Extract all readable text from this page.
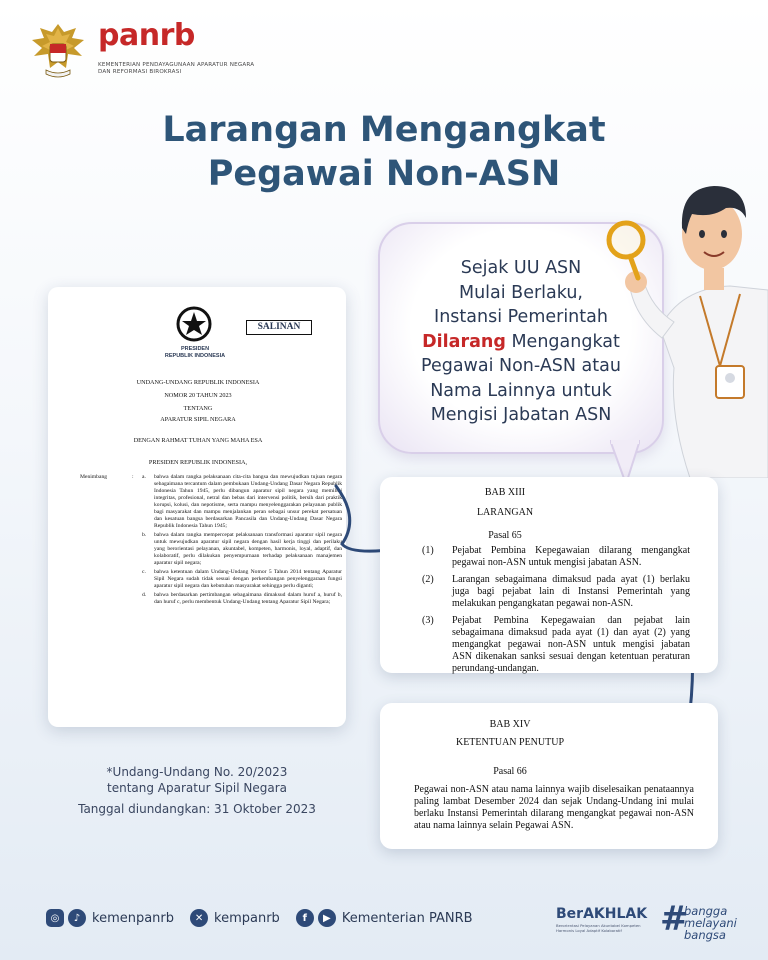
panrb
KEMENTERIAN PENDAYAGUNAAN APARATUR NEGARA DAN REFORMASI BIROKRASI
Larangan Mengangkat
Pegawai Non-ASN
Sejak UU ASN
Mulai Berlaku,
Instansi Pemerintah
Dilarang Mengangkat
Pegawai Non-ASN atau
Nama Lainnya untuk
Mengisi Jabatan ASN
PRESIDEN
REPUBLIK INDONESIA
SALINAN
UNDANG-UNDANG REPUBLIK INDONESIA
NOMOR 20 TAHUN 2023
TENTANG
APARATUR SIPIL NEGARA
DENGAN RAHMAT TUHAN YANG MAHA ESA
PRESIDEN REPUBLIK INDONESIA,
Menimbang	:	a.	bahwa dalam rangka pelaksanaan cita-cita bangsa dan mewujudkan tujuan negara sebagaimana tercantum dalam pembukaan Undang-Undang Dasar Negara Republik Indonesia Tahun 1945, perlu dibangun aparatur sipil negara yang memiliki integritas, profesional, netral dan bebas dari intervensi politik, bersih dari praktik korupsi, kolusi, dan nepotisme, serta mampu menyelenggarakan pelayanan publik bagi masyarakat dan mampu menjalankan peran sebagai unsur perekat persatuan dan kesatuan bangsa berdasarkan Pancasila dan Undang-Undang Dasar Negara Republik Indonesia Tahun 1945;
b.	bahwa dalam rangka mempercepat pelaksanaan transformasi aparatur sipil negara untuk mewujudkan aparatur sipil negara dengan hasil kerja tinggi dan perilaku yang berorientasi pelayanan, akuntabel, kompeten, harmonis, loyal, adaptif, dan kolaboratif, perlu dilakukan penyempurnaan terhadap pelaksanaan manajemen aparatur sipil negara;
c.	bahwa ketentuan dalam Undang-Undang Nomor 5 Tahun 2014 tentang Aparatur Sipil Negara sudah tidak sesuai dengan perkembangan penyelenggaraan fungsi aparatur sipil negara dan kebutuhan masyarakat sehingga perlu diganti;
d.	bahwa berdasarkan pertimbangan sebagaimana dimaksud dalam huruf a, huruf b, dan huruf c, perlu membentuk Undang-Undang tentang Aparatur Sipil Negara;
*Undang-Undang No. 20/2023
tentang Aparatur Sipil Negara
Tanggal diundangkan: 31 Oktober 2023
BAB XIII
LARANGAN
Pasal 65
(1)	Pejabat Pembina Kepegawaian dilarang mengangkat pegawai non-ASN untuk mengisi jabatan ASN.
(2)	Larangan sebagaimana dimaksud pada ayat (1) berlaku juga bagi pejabat lain di Instansi Pemerintah yang melakukan pengangkatan pegawai non-ASN.
(3)	Pejabat Pembina Kepegawaian dan pejabat lain sebagaimana dimaksud pada ayat (1) dan ayat (2) yang mengangkat pegawai non-ASN untuk mengisi jabatan ASN dikenakan sanksi sesuai dengan ketentuan peraturan perundang-undangan.
BAB XIV
KETENTUAN PENUTUP
Pasal 66
Pegawai non-ASN atau nama lainnya wajib diselesaikan penataannya paling lambat Desember 2024 dan sejak Undang-Undang ini mulai berlaku Instansi Pemerintah dilarang mengangkat pegawai non-ASN atau nama lainnya selain Pegawai ASN.
◎	♪ kemenpanrb	✕ kempanrb	f	▶ Kementerian PANRB	BerAKHLAK
Berorientasi Pelayanan Akuntabel Kompeten Harmonis Loyal Adaptif Kolaboratif	#
bangga
melayani
bangsa
